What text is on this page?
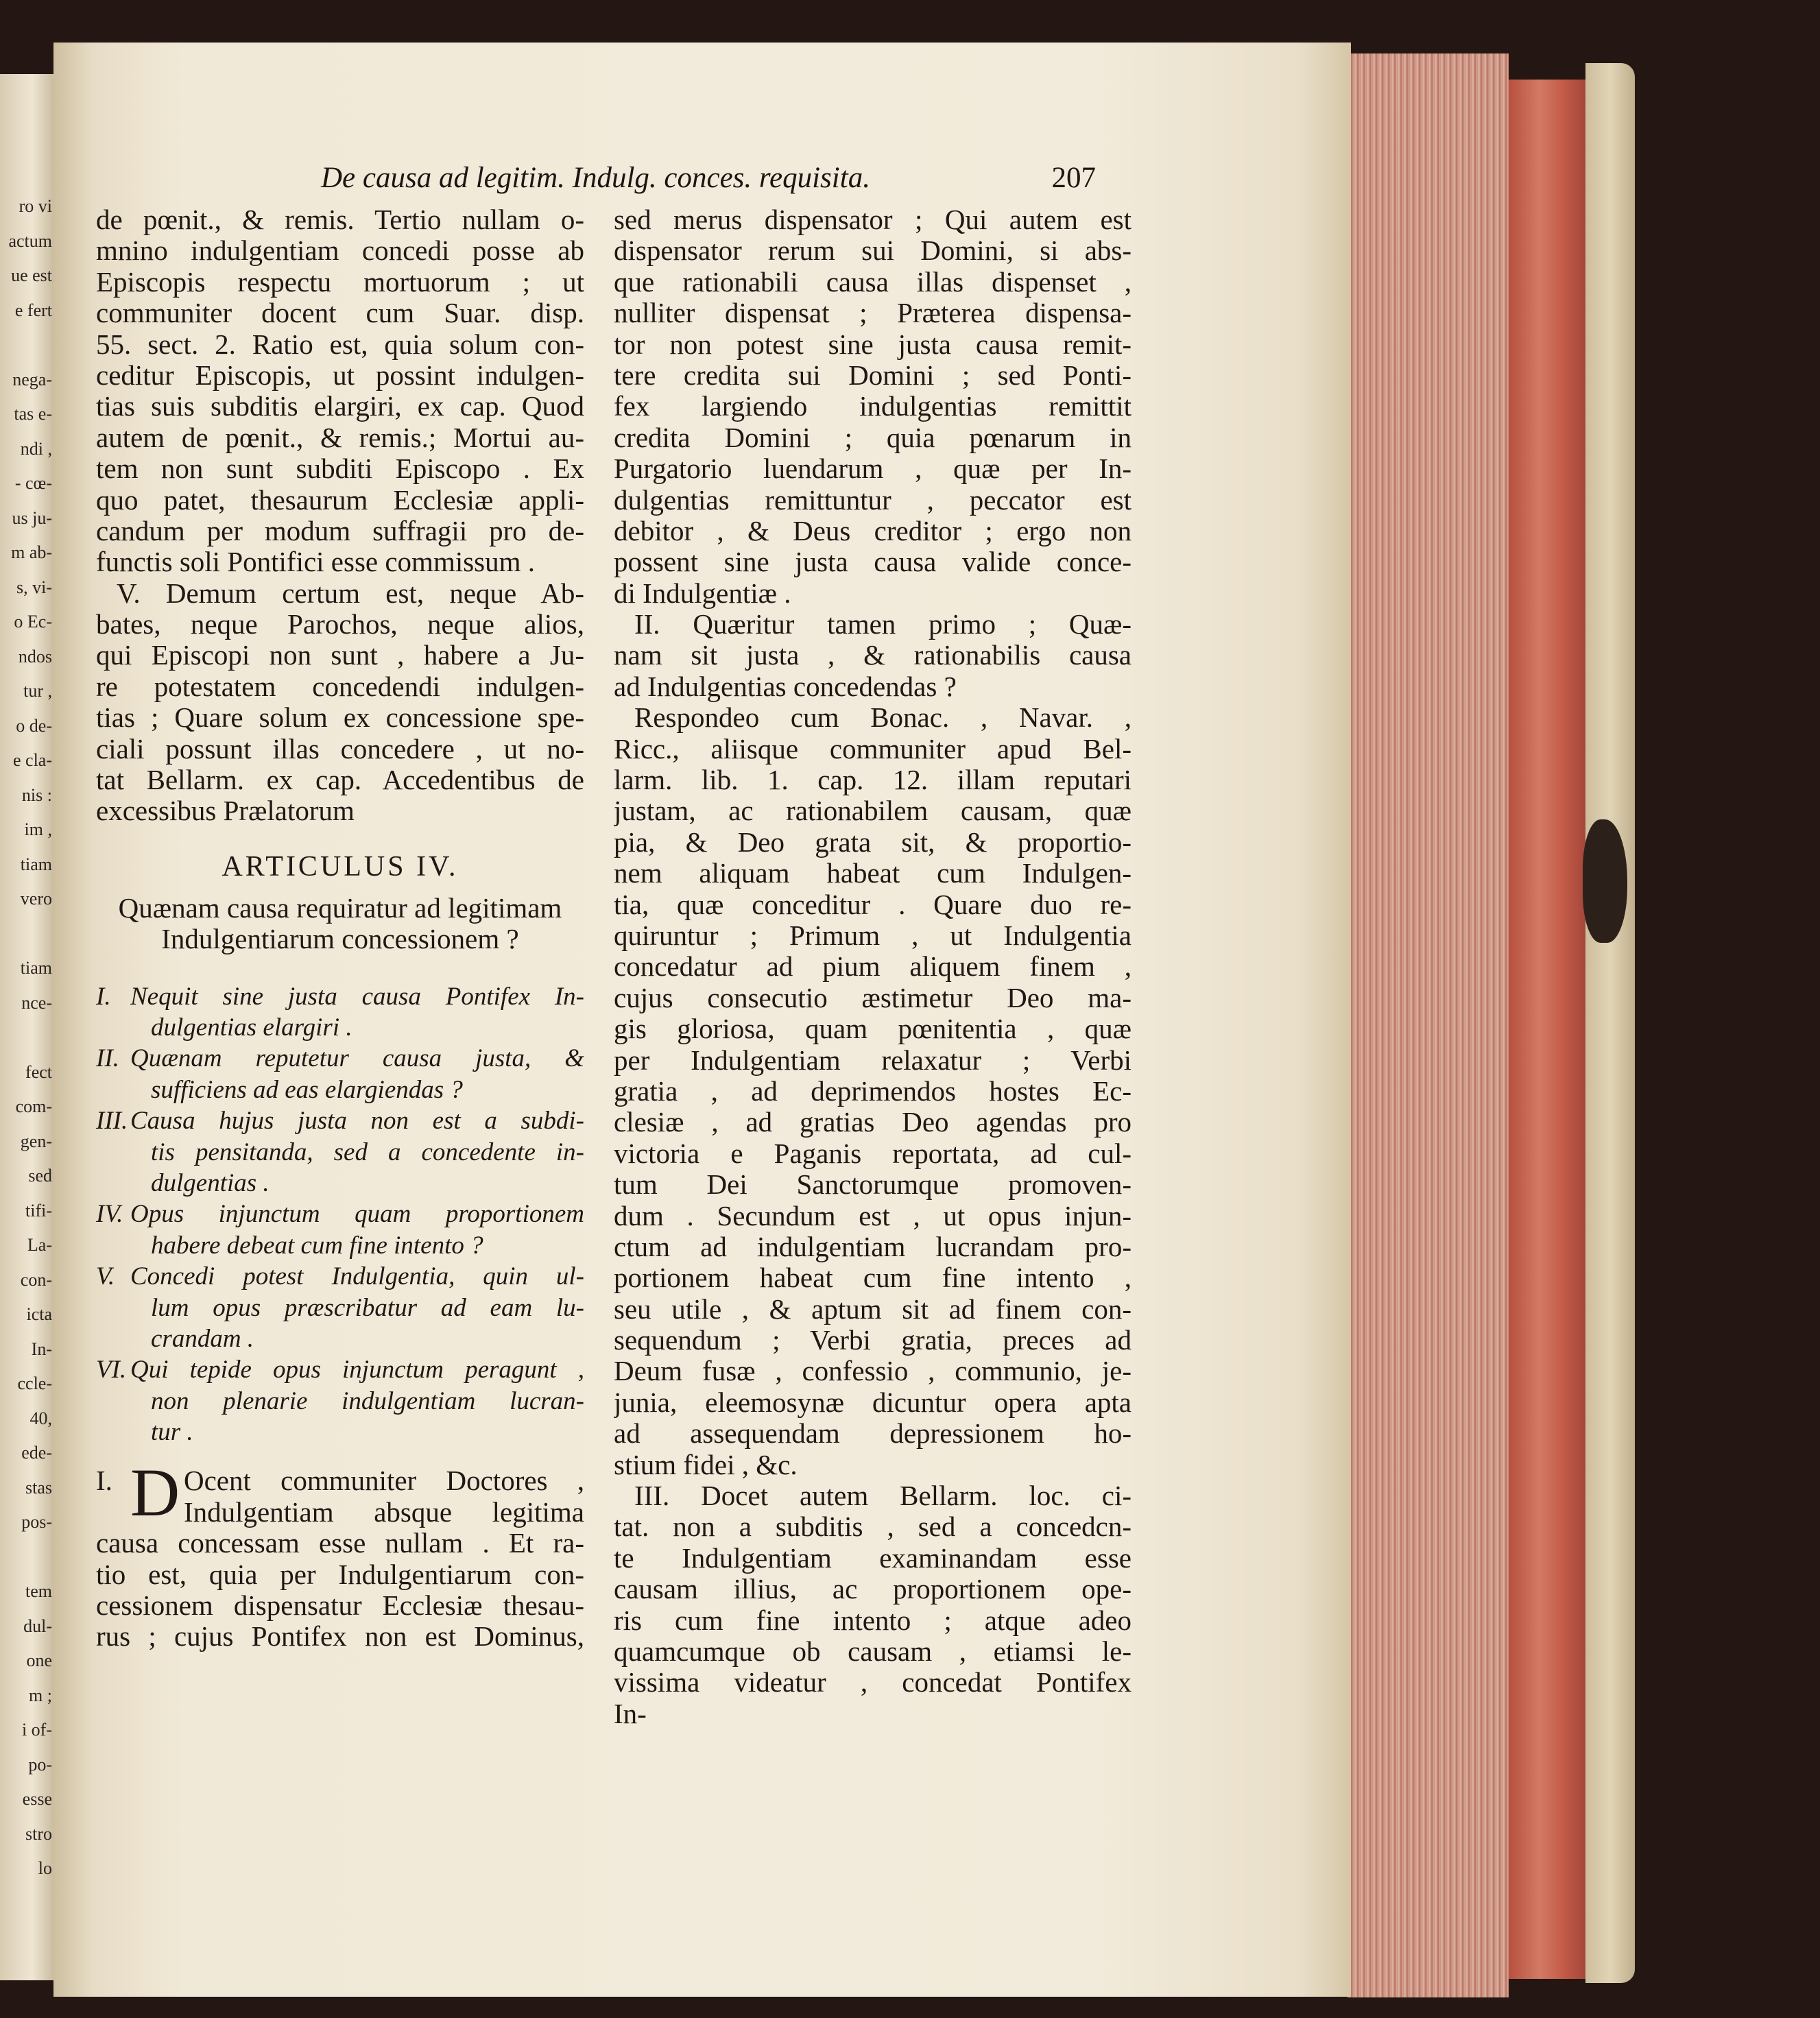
ro vi
actum
ue est
e fert
nega-
tas e-
ndi ,
- cœ-
us ju-
m ab-
s, vi-
o Ec-
ndos
tur ,
o de-
e cla-
nis :
im ,
tiam
vero
tiam
nce-
fect
com-
gen-
sed
tifi-
La-
con-
icta
In-
ccle-
40,
ede-
stas
pos-
tem
dul-
one
m ;
i of-
po-
esse
stro
lo
De causa ad legitim. Indulg. conces. requisita.	207
de pœnit., & remis. Tertio nullam o-
mnino indulgentiam concedi posse ab
Episcopis respectu mortuorum ; ut
communiter docent cum Suar. disp.
55. sect. 2. Ratio est, quia solum con-
ceditur Episcopis, ut possint indulgen-
tias suis subditis elargiri, ex cap. Quod
autem de pœnit., & remis.; Mortui au-
tem non sunt subditi Episcopo . Ex
quo patet, thesaurum Ecclesiæ appli-
candum per modum suffragii pro de-
functis soli Pontifici esse commissum .
V. Demum certum est, neque Ab-
bates, neque Parochos, neque alios,
qui Episcopi non sunt , habere a Ju-
re potestatem concedendi indulgen-
tias ; Quare solum ex concessione spe-
ciali possunt illas concedere , ut no-
tat Bellarm. ex cap. Accedentibus de
excessibus Prælatorum
ARTICULUS IV.
Quænam causa requiratur ad legitimam
Indulgentiarum concessionem ?
I. Nequit sine justa causa Pontifex In-
dulgentias elargiri .
II. Quænam reputetur causa justa, &
sufficiens ad eas elargiendas ?
III. Causa hujus justa non est a subdi-
tis pensitanda, sed a concedente in-
dulgentias .
IV. Opus injunctum quam proportionem
habere debeat cum fine intento ?
V. Concedi potest Indulgentia, quin ul-
lum opus præscribatur ad eam lu-
crandam .
VI. Qui tepide opus injunctum peragunt ,
non plenarie indulgentiam lucran-
tur .
I. D Ocent communiter Doctores ,
Indulgentiam absque legitima
causa concessam esse nullam . Et ra-
tio est, quia per Indulgentiarum con-
cessionem dispensatur Ecclesiæ thesau-
rus ; cujus Pontifex non est Dominus,
sed merus dispensator ; Qui autem est
dispensator rerum sui Domini, si abs-
que rationabili causa illas dispenset ,
nulliter dispensat ; Præterea dispensa-
tor non potest sine justa causa remit-
tere credita sui Domini ; sed Ponti-
fex largiendo indulgentias remittit
credita Domini ; quia pœnarum in
Purgatorio luendarum , quæ per In-
dulgentias remittuntur , peccator est
debitor , & Deus creditor ; ergo non
possent sine justa causa valide conce-
di Indulgentiæ .
II. Quæritur tamen primo ; Quæ-
nam sit justa , & rationabilis causa
ad Indulgentias concedendas ?
Respondeo cum Bonac. , Navar. ,
Ricc., aliisque communiter apud Bel-
larm. lib. 1. cap. 12. illam reputari
justam, ac rationabilem causam, quæ
pia, & Deo grata sit, & proportio-
nem aliquam habeat cum Indulgen-
tia, quæ conceditur . Quare duo re-
quiruntur ; Primum , ut Indulgentia
concedatur ad pium aliquem finem ,
cujus consecutio æstimetur Deo ma-
gis gloriosa, quam pœnitentia , quæ
per Indulgentiam relaxatur ; Verbi
gratia , ad deprimendos hostes Ec-
clesiæ , ad gratias Deo agendas pro
victoria e Paganis reportata, ad cul-
tum Dei Sanctorumque promoven-
dum . Secundum est , ut opus injun-
ctum ad indulgentiam lucrandam pro-
portionem habeat cum fine intento ,
seu utile , & aptum sit ad finem con-
sequendum ; Verbi gratia, preces ad
Deum fusæ , confessio , communio, je-
junia, eleemosynæ dicuntur opera apta
ad assequendam depressionem ho-
stium fidei , &c.
III. Docet autem Bellarm. loc. ci-
tat. non a subditis , sed a concedcn-
te Indulgentiam examinandam esse
causam illius, ac proportionem ope-
ris cum fine intento ; atque adeo
quamcumque ob causam , etiamsi le-
vissima videatur , concedat Pontifex
In-
